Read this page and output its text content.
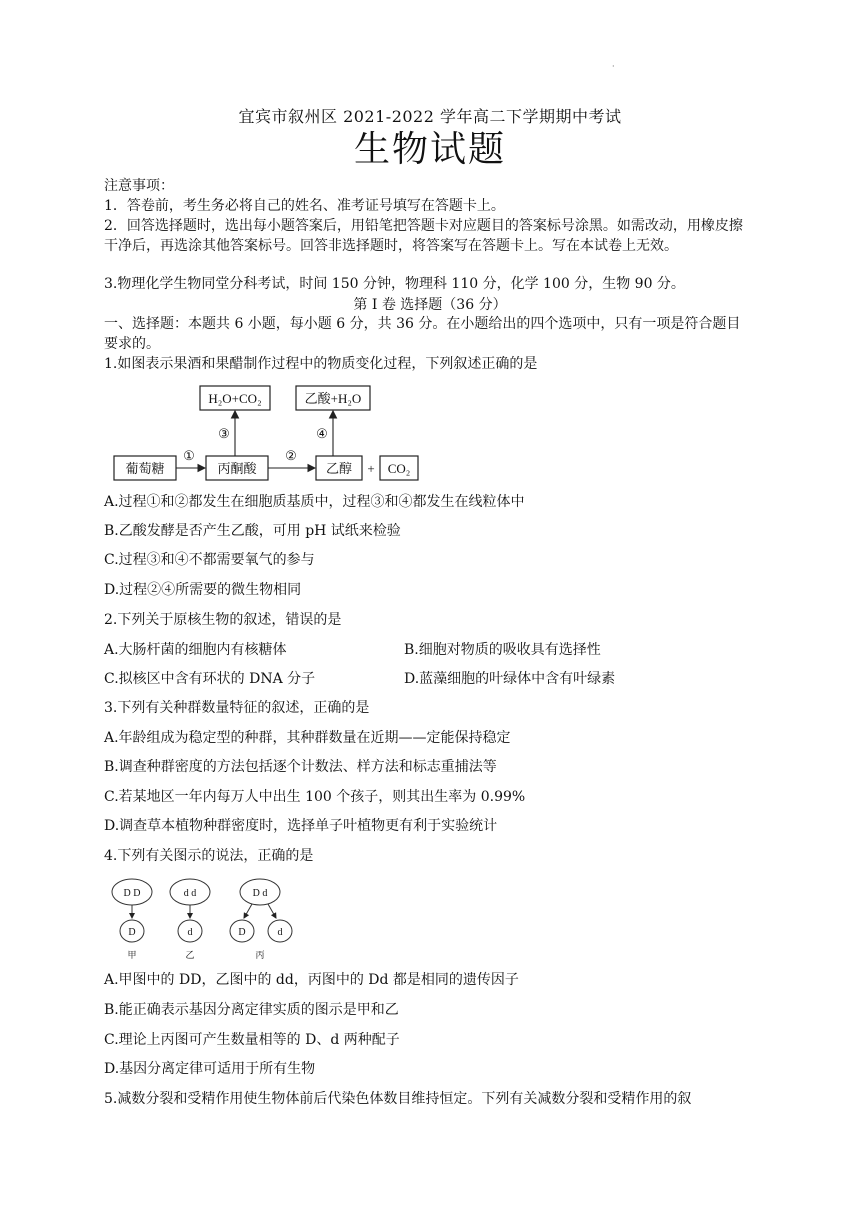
·
宜宾市叙州区 2021-2022 学年高二下学期期中考试
生物试题
注意事项：
1．答卷前，考生务必将自己的姓名、准考证号填写在答题卡上。
2．回答选择题时，选出每小题答案后，用铅笔把答题卡对应题目的答案标号涂黑。如需改动，用橡皮擦干净后，再选涂其他答案标号。回答非选择题时，将答案写在答题卡上。写在本试卷上无效。
3.物理化学生物同堂分科考试，时间 150 分钟，物理科 110 分，化学 100 分，生物 90 分。
第 I 卷 选择题（36 分）
一、选择题：本题共 6 小题，每小题 6 分，共 36 分。在小题给出的四个选项中，只有一项是符合题目要求的。
1.如图表示果酒和果醋制作过程中的物质变化过程，下列叙述正确的是
葡萄糖	丙酮酸	乙醇 + CO₂
H₂O+CO₂	乙酸+H₂O
①	②
③	④
A.过程①和②都发生在细胞质基质中，过程③和④都发生在线粒体中
B.乙酸发酵是否产生乙酸，可用 pH 试纸来检验
C.过程③和④不都需要氧气的参与
D.过程②④所需要的微生物相同
2.下列关于原核生物的叙述，错误的是
A.大肠杆菌的细胞内有核糖体	B.细胞对物质的吸收具有选择性
C.拟核区中含有环状的 DNA 分子	D.蓝藻细胞的叶绿体中含有叶绿素
3.下列有关种群数量特征的叙述，正确的是
A.年龄组成为稳定型的种群，其种群数量在近期——定能保持稳定
B.调查种群密度的方法包括逐个计数法、样方法和标志重捕法等
C.若某地区一年内每万人中出生 100 个孩子，则其出生率为 0.99%
D.调查草本植物种群密度时，选择单子叶植物更有利于实验统计
4.下列有关图示的说法，正确的是
D D
D
甲
d d
d
乙
D d
D	d
丙
A.甲图中的 DD，乙图中的 dd，丙图中的 Dd 都是相同的遗传因子
B.能正确表示基因分离定律实质的图示是甲和乙
C.理论上丙图可产生数量相等的 D、d 两种配子
D.基因分离定律可适用于所有生物
5.减数分裂和受精作用使生物体前后代染色体数目维持恒定。下列有关减数分裂和受精作用的叙
